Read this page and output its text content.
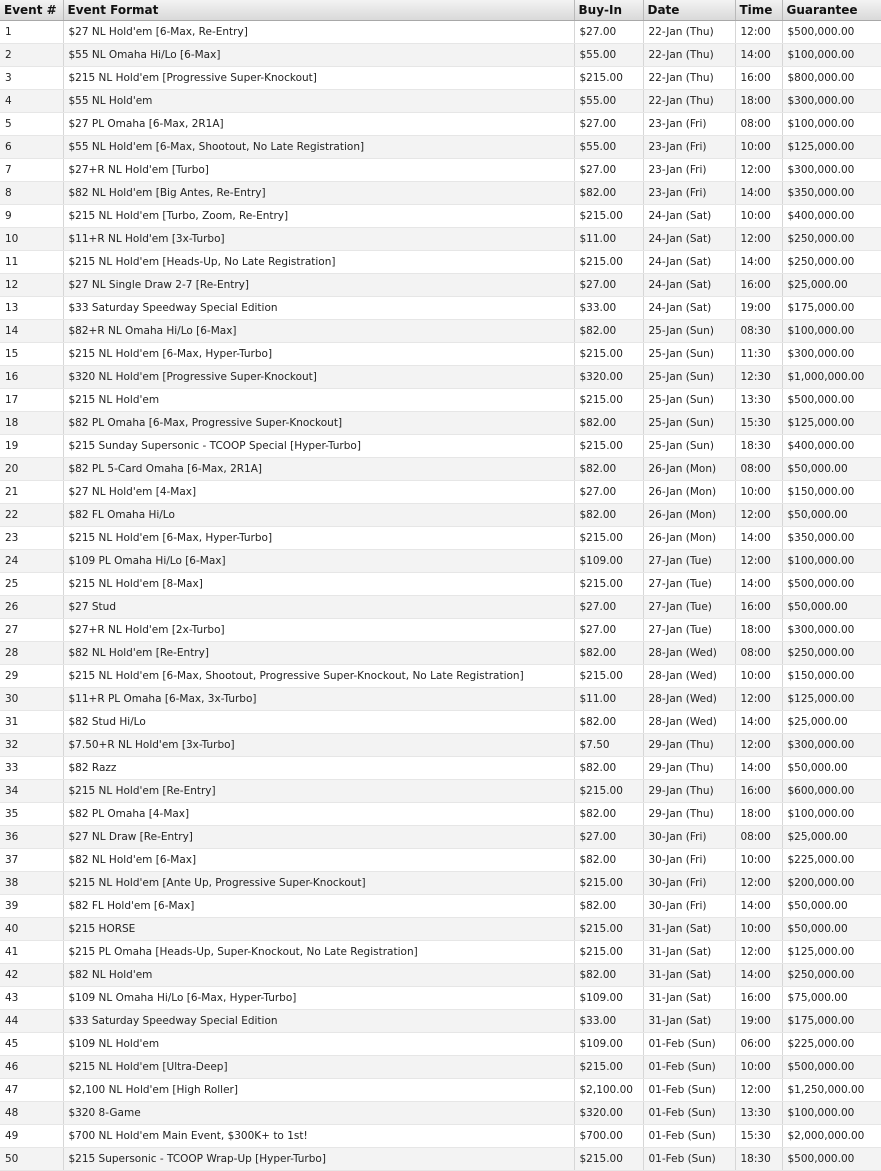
Event #	Event Format	Buy-In	Date	Time	Guarantee
1	$27 NL Hold'em [6-Max, Re-Entry]	$27.00	22-Jan (Thu)	12:00	$500,000.00
2	$55 NL Omaha Hi/Lo [6-Max]	$55.00	22-Jan (Thu)	14:00	$100,000.00
3	$215 NL Hold'em [Progressive Super-Knockout]	$215.00	22-Jan (Thu)	16:00	$800,000.00
4	$55 NL Hold'em	$55.00	22-Jan (Thu)	18:00	$300,000.00
5	$27 PL Omaha [6-Max, 2R1A]	$27.00	23-Jan (Fri)	08:00	$100,000.00
6	$55 NL Hold'em [6-Max, Shootout, No Late Registration]	$55.00	23-Jan (Fri)	10:00	$125,000.00
7	$27+R NL Hold'em [Turbo]	$27.00	23-Jan (Fri)	12:00	$300,000.00
8	$82 NL Hold'em [Big Antes, Re-Entry]	$82.00	23-Jan (Fri)	14:00	$350,000.00
9	$215 NL Hold'em [Turbo, Zoom, Re-Entry]	$215.00	24-Jan (Sat)	10:00	$400,000.00
10	$11+R NL Hold'em [3x-Turbo]	$11.00	24-Jan (Sat)	12:00	$250,000.00
11	$215 NL Hold'em [Heads-Up, No Late Registration]	$215.00	24-Jan (Sat)	14:00	$250,000.00
12	$27 NL Single Draw 2-7 [Re-Entry]	$27.00	24-Jan (Sat)	16:00	$25,000.00
13	$33 Saturday Speedway Special Edition	$33.00	24-Jan (Sat)	19:00	$175,000.00
14	$82+R NL Omaha Hi/Lo [6-Max]	$82.00	25-Jan (Sun)	08:30	$100,000.00
15	$215 NL Hold'em [6-Max, Hyper-Turbo]	$215.00	25-Jan (Sun)	11:30	$300,000.00
16	$320 NL Hold'em [Progressive Super-Knockout]	$320.00	25-Jan (Sun)	12:30	$1,000,000.00
17	$215 NL Hold'em	$215.00	25-Jan (Sun)	13:30	$500,000.00
18	$82 PL Omaha [6-Max, Progressive Super-Knockout]	$82.00	25-Jan (Sun)	15:30	$125,000.00
19	$215 Sunday Supersonic - TCOOP Special [Hyper-Turbo]	$215.00	25-Jan (Sun)	18:30	$400,000.00
20	$82 PL 5-Card Omaha [6-Max, 2R1A]	$82.00	26-Jan (Mon)	08:00	$50,000.00
21	$27 NL Hold'em [4-Max]	$27.00	26-Jan (Mon)	10:00	$150,000.00
22	$82 FL Omaha Hi/Lo	$82.00	26-Jan (Mon)	12:00	$50,000.00
23	$215 NL Hold'em [6-Max, Hyper-Turbo]	$215.00	26-Jan (Mon)	14:00	$350,000.00
24	$109 PL Omaha Hi/Lo [6-Max]	$109.00	27-Jan (Tue)	12:00	$100,000.00
25	$215 NL Hold'em [8-Max]	$215.00	27-Jan (Tue)	14:00	$500,000.00
26	$27 Stud	$27.00	27-Jan (Tue)	16:00	$50,000.00
27	$27+R NL Hold'em [2x-Turbo]	$27.00	27-Jan (Tue)	18:00	$300,000.00
28	$82 NL Hold'em [Re-Entry]	$82.00	28-Jan (Wed)	08:00	$250,000.00
29	$215 NL Hold'em [6-Max, Shootout, Progressive Super-Knockout, No Late Registration]	$215.00	28-Jan (Wed)	10:00	$150,000.00
30	$11+R PL Omaha [6-Max, 3x-Turbo]	$11.00	28-Jan (Wed)	12:00	$125,000.00
31	$82 Stud Hi/Lo	$82.00	28-Jan (Wed)	14:00	$25,000.00
32	$7.50+R NL Hold'em [3x-Turbo]	$7.50	29-Jan (Thu)	12:00	$300,000.00
33	$82 Razz	$82.00	29-Jan (Thu)	14:00	$50,000.00
34	$215 NL Hold'em [Re-Entry]	$215.00	29-Jan (Thu)	16:00	$600,000.00
35	$82 PL Omaha [4-Max]	$82.00	29-Jan (Thu)	18:00	$100,000.00
36	$27 NL Draw [Re-Entry]	$27.00	30-Jan (Fri)	08:00	$25,000.00
37	$82 NL Hold'em [6-Max]	$82.00	30-Jan (Fri)	10:00	$225,000.00
38	$215 NL Hold'em [Ante Up, Progressive Super-Knockout]	$215.00	30-Jan (Fri)	12:00	$200,000.00
39	$82 FL Hold'em [6-Max]	$82.00	30-Jan (Fri)	14:00	$50,000.00
40	$215 HORSE	$215.00	31-Jan (Sat)	10:00	$50,000.00
41	$215 PL Omaha [Heads-Up, Super-Knockout, No Late Registration]	$215.00	31-Jan (Sat)	12:00	$125,000.00
42	$82 NL Hold'em	$82.00	31-Jan (Sat)	14:00	$250,000.00
43	$109 NL Omaha Hi/Lo [6-Max, Hyper-Turbo]	$109.00	31-Jan (Sat)	16:00	$75,000.00
44	$33 Saturday Speedway Special Edition	$33.00	31-Jan (Sat)	19:00	$175,000.00
45	$109 NL Hold'em	$109.00	01-Feb (Sun)	06:00	$225,000.00
46	$215 NL Hold'em [Ultra-Deep]	$215.00	01-Feb (Sun)	10:00	$500,000.00
47	$2,100 NL Hold'em [High Roller]	$2,100.00	01-Feb (Sun)	12:00	$1,250,000.00
48	$320 8-Game	$320.00	01-Feb (Sun)	13:30	$100,000.00
49	$700 NL Hold'em Main Event, $300K+ to 1st!	$700.00	01-Feb (Sun)	15:30	$2,000,000.00
50	$215 Supersonic - TCOOP Wrap-Up [Hyper-Turbo]	$215.00	01-Feb (Sun)	18:30	$500,000.00
